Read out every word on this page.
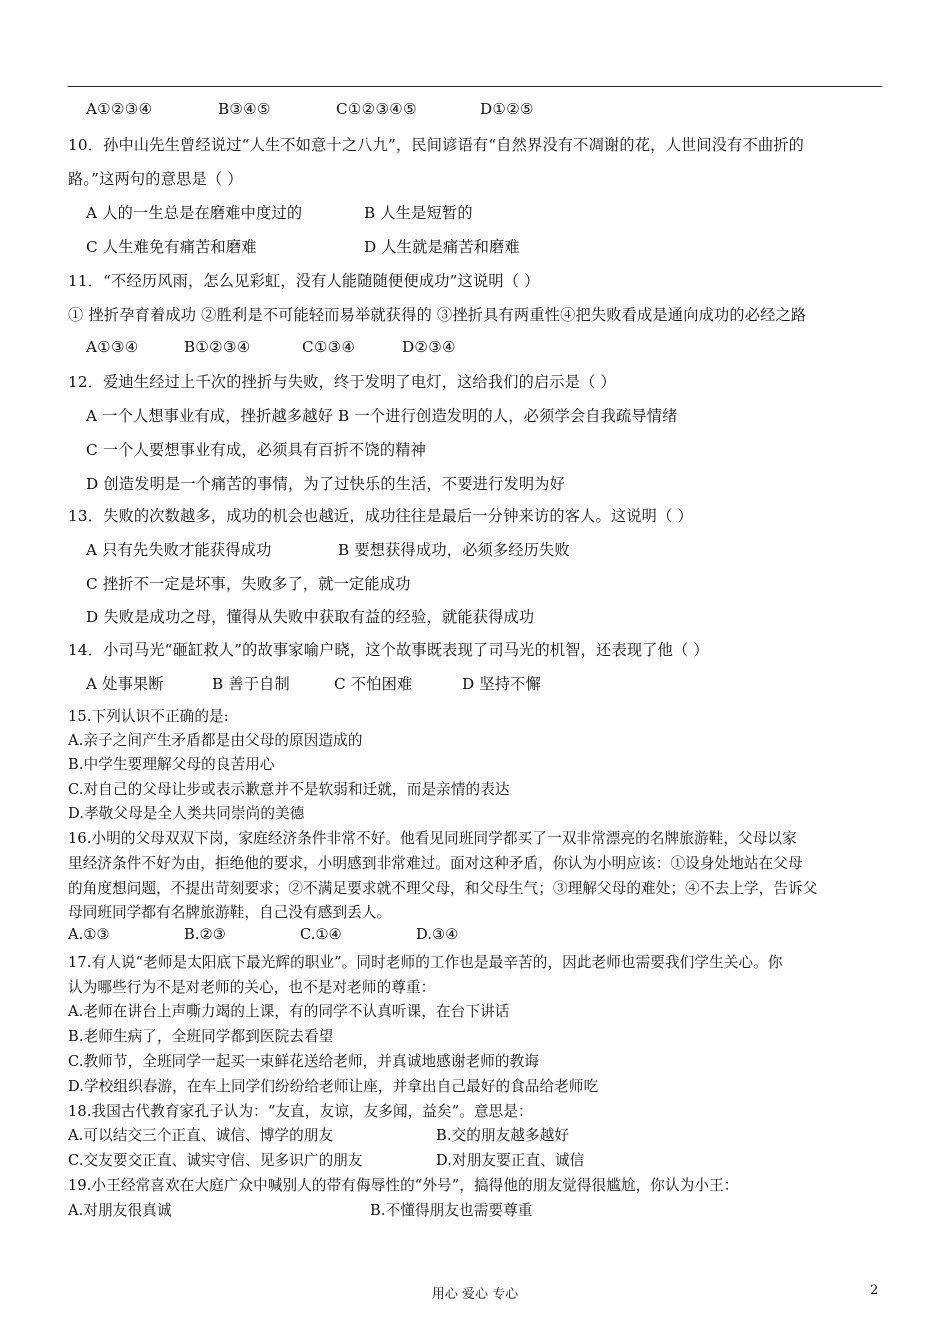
A①②③④	B③④⑤	C①②③④⑤	D①②⑤
10．孙中山先生曾经说过“人生不如意十之八九”，民间谚语有“自然界没有不凋谢的花，人世间没有不曲折的
路。”这两句的意思是（ ）
A 人的一生总是在磨难中度过的	B 人生是短暂的
C 人生难免有痛苦和磨难	D 人生就是痛苦和磨难
11．“不经历风雨，怎么见彩虹，没有人能随随便便成功”这说明（ ）
① 挫折孕育着成功 ②胜利是不可能轻而易举就获得的 ③挫折具有两重性④把失败看成是通向成功的必经之路
A①③④	B①②③④	C①③④	D②③④
12．爱迪生经过上千次的挫折与失败，终于发明了电灯，这给我们的启示是（ ）
A 一个人想事业有成，挫折越多越好 B 一个进行创造发明的人，必须学会自我疏导情绪
C 一个人要想事业有成，必须具有百折不饶的精神
D 创造发明是一个痛苦的事情，为了过快乐的生活，不要进行发明为好
13．失败的次数越多，成功的机会也越近，成功往往是最后一分钟来访的客人。这说明（ ）
A 只有先失败才能获得成功	B 要想获得成功，必须多经历失败
C 挫折不一定是坏事，失败多了，就一定能成功
D 失败是成功之母，懂得从失败中获取有益的经验，就能获得成功
14．小司马光“砸缸救人”的故事家喻户晓，这个故事既表现了司马光的机智，还表现了他（ ）
A 处事果断	B 善于自制	C 不怕困难	D 坚持不懈
15.下列认识不正确的是:
A.亲子之间产生矛盾都是由父母的原因造成的
B.中学生要理解父母的良苦用心
C.对自己的父母让步或表示歉意并不是软弱和迁就，而是亲情的表达
D.孝敬父母是全人类共同崇尚的美德
16.小明的父母双双下岗，家庭经济条件非常不好。他看见同班同学都买了一双非常漂亮的名牌旅游鞋，父母以家
里经济条件不好为由，拒绝他的要求，小明感到非常难过。面对这种矛盾，你认为小明应该：①设身处地站在父母
的角度想问题，不提出苛刻要求；②不满足要求就不理父母，和父母生气；③理解父母的难处；④不去上学，告诉父
母同班同学都有名牌旅游鞋，自己没有感到丢人。
A.①③	B.②③	C.①④	D.③④
17.有人说“老师是太阳底下最光辉的职业”。同时老师的工作也是最辛苦的，因此老师也需要我们学生关心。你
认为哪些行为不是对老师的关心，也不是对老师的尊重：
A.老师在讲台上声嘶力竭的上课，有的同学不认真听课，在台下讲话
B.老师生病了，全班同学都到医院去看望
C.教师节，全班同学一起买一束鲜花送给老师，并真诚地感谢老师的教诲
D.学校组织春游，在车上同学们纷纷给老师让座，并拿出自己最好的食品给老师吃
18.我国古代教育家孔子认为：“友直，友谅，友多闻，益矣”。意思是：
A.可以结交三个正直、诚信、博学的朋友	B.交的朋友越多越好
C.交友要交正直、诚实守信、见多识广的朋友	D.对朋友要正直、诚信
19.小王经常喜欢在大庭广众中喊别人的带有侮辱性的“外号”，搞得他的朋友觉得很尴尬，你认为小王：
A.对朋友很真诚	B.不懂得朋友也需要尊重
用心 爱心 专心	2
